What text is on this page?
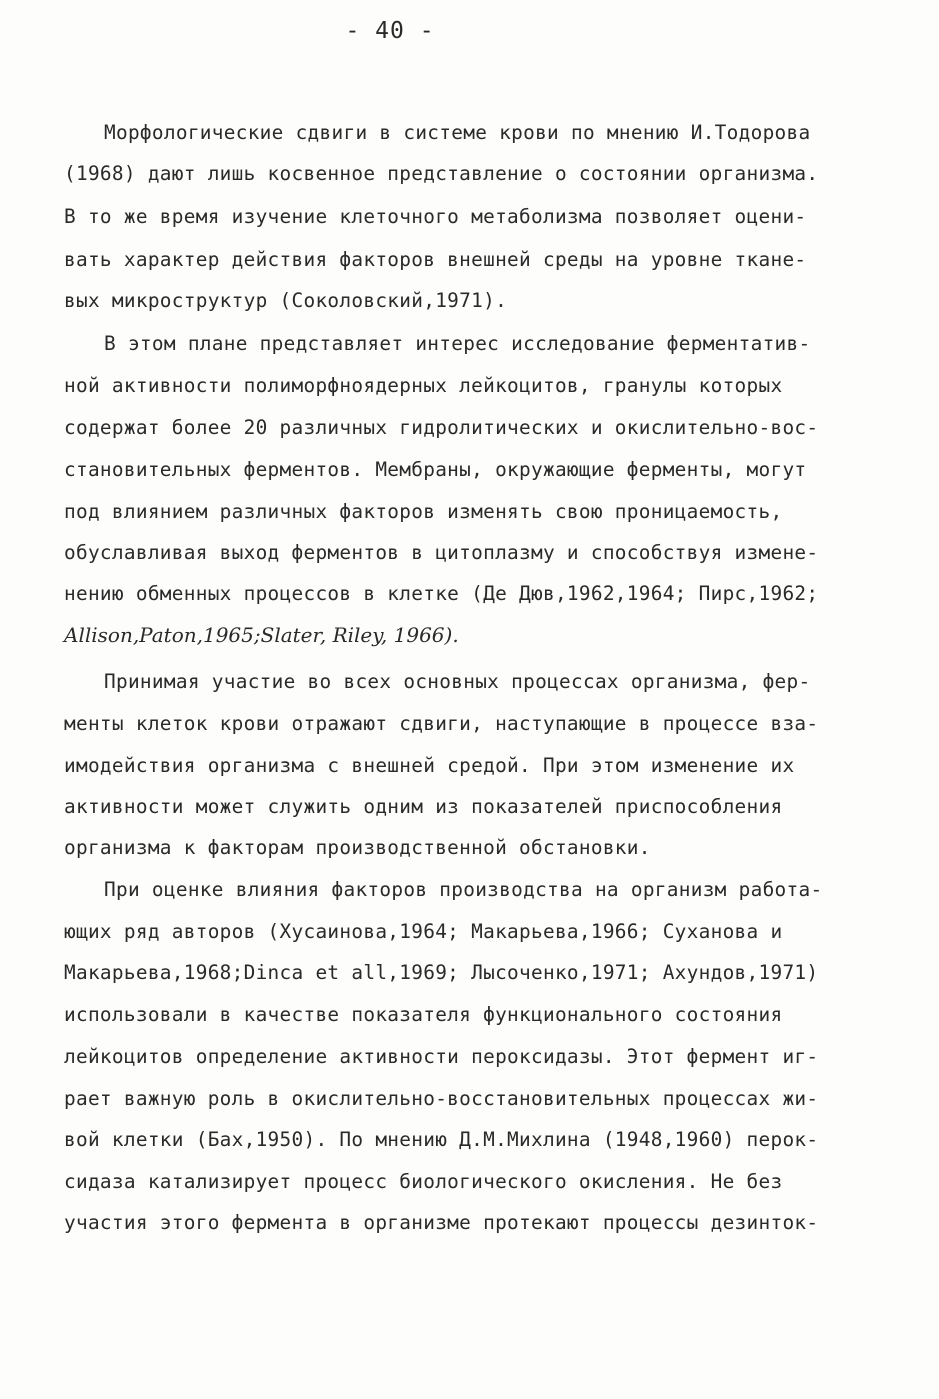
- 40 -
Морфологические сдвиги в системе крови по мнению И.Тодорова
(1968) дают лишь косвенное представление о состоянии организма.
В то же время изучение клеточного метаболизма позволяет оцени-
вать характер действия факторов внешней среды на уровне ткане-
вых микроструктур (Соколовский,1971).
В этом плане представляет интерес исследование ферментатив-
ной активности полиморфноядерных лейкоцитов, гранулы которых
содержат более 20 различных гидролитических и окислительно-вос-
становительных ферментов. Мембраны, окружающие ферменты, могут
под влиянием различных факторов изменять свою проницаемость,
обуславливая выход ферментов в цитоплазму и способствуя измене-
нению обменных процессов в клетке (Де Дюв,1962,1964; Пирс,1962;
Allison,Paton,1965;Slater, Riley, 1966).
Принимая участие во всех основных процессах организма, фер-
менты клеток крови отражают сдвиги, наступающие в процессе вза-
имодействия организма с внешней средой. При этом изменение их
активности может служить одним из показателей приспособления
организма к факторам производственной обстановки.
При оценке влияния факторов производства на организм работа-
ющих ряд авторов (Хусаинова,1964; Макарьева,1966; Суханова и
Макарьева,1968;Dinca et all,1969; Лысоченко,1971; Ахундов,1971)
использовали в качестве показателя функционального состояния
лейкоцитов определение активности пероксидазы. Этот фермент иг-
рает важную роль в окислительно-восстановительных процессах жи-
вой клетки (Бах,1950). По мнению Д.М.Михлина (1948,1960) перок-
сидаза катализирует процесс биологического окисления. Не без
участия этого фермента в организме протекают процессы дезинток-
